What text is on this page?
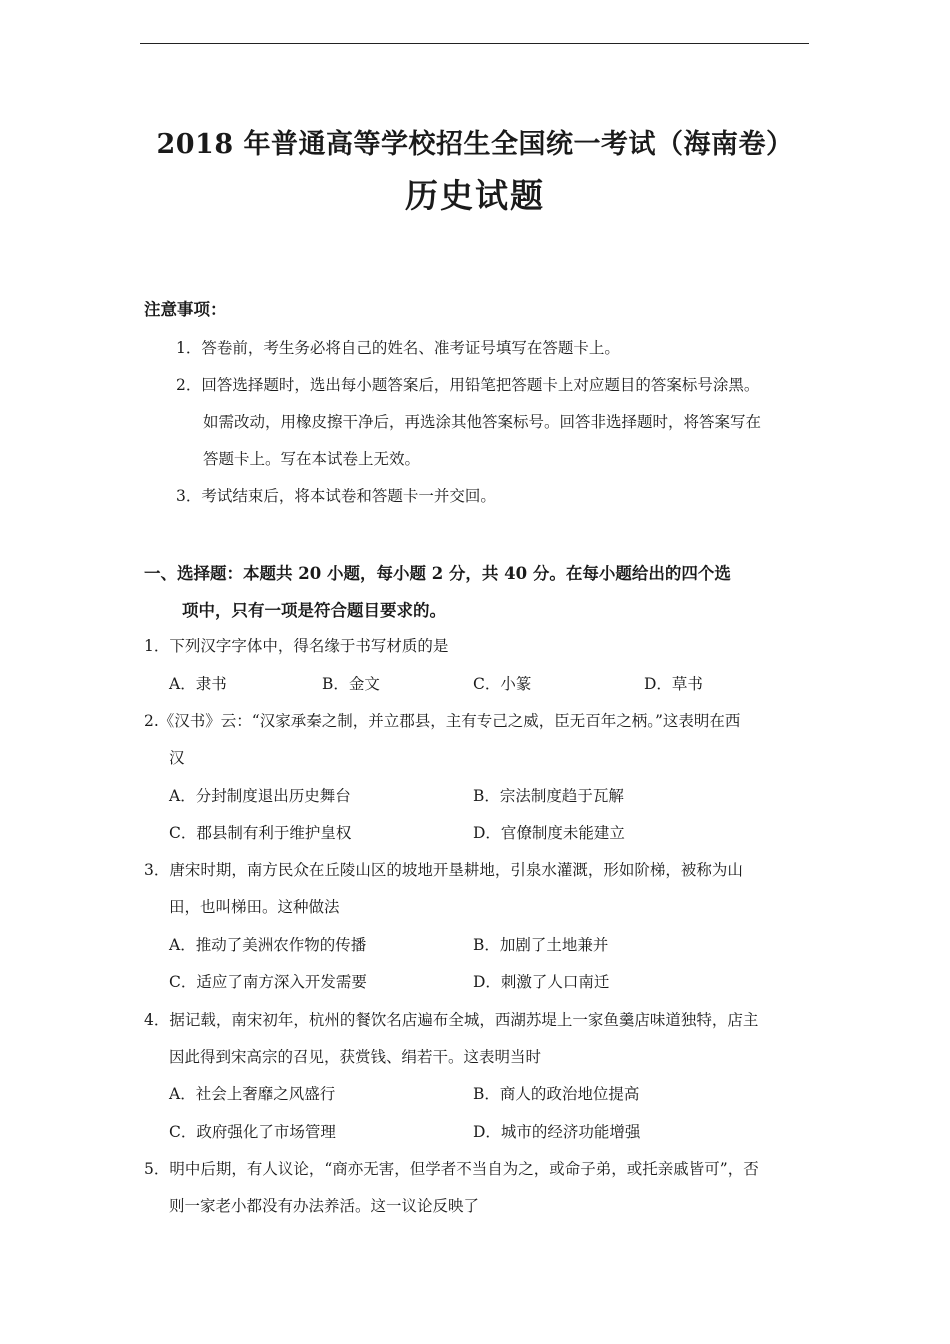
2018 年普通高等学校招生全国统一考试（海南卷）
历史试题
注意事项：
1．答卷前，考生务必将自己的姓名、准考证号填写在答题卡上。
2．回答选择题时，选出每小题答案后，用铅笔把答题卡上对应题目的答案标号涂黑。
如需改动，用橡皮擦干净后，再选涂其他答案标号。回答非选择题时，将答案写在
答题卡上。写在本试卷上无效。
3．考试结束后，将本试卷和答题卡一并交回。
一、选择题：本题共 20 小题，每小题 2 分，共 40 分。在每小题给出的四个选
项中，只有一项是符合题目要求的。
1．下列汉字字体中，得名缘于书写材质的是
A．隶书	B．金文	C．小篆	D．草书
2.《汉书》云：“汉家承秦之制，并立郡县，主有专己之威，臣无百年之柄。”这表明在西
汉
A．分封制度退出历史舞台	B．宗法制度趋于瓦解
C．郡县制有利于维护皇权	D．官僚制度未能建立
3．唐宋时期，南方民众在丘陵山区的坡地开垦耕地，引泉水灌溉，形如阶梯，被称为山
田，也叫梯田。这种做法
A．推动了美洲农作物的传播	B．加剧了土地兼并
C．适应了南方深入开发需要	D．刺激了人口南迁
4．据记载，南宋初年，杭州的餐饮名店遍布全城，西湖苏堤上一家鱼羹店味道独特，店主
因此得到宋高宗的召见，获赏钱、绢若干。这表明当时
A．社会上奢靡之风盛行	B．商人的政治地位提高
C．政府强化了市场管理	D．城市的经济功能增强
5．明中后期，有人议论，“商亦无害，但学者不当自为之，或命子弟，或托亲戚皆可”，否
则一家老小都没有办法养活。这一议论反映了
